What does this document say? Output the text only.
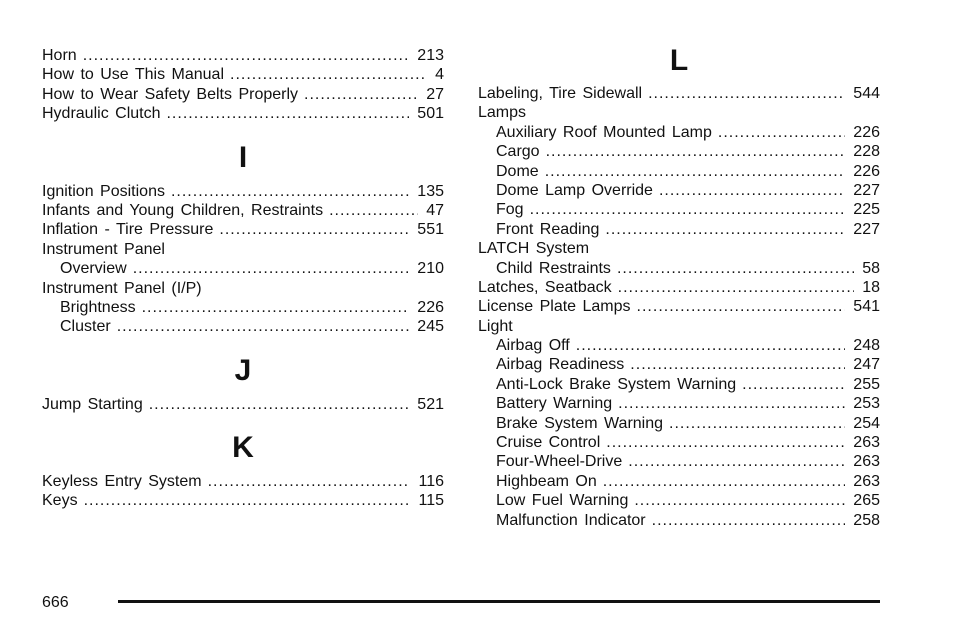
Horn .....	213
How to Use This Manual .....	4
How to Wear Safety Belts Properly .....	27
Hydraulic Clutch .....	501
I
Ignition Positions .....	135
Infants and Young Children, Restraints .....	47
Inflation - Tire Pressure .....	551
Instrument Panel
Overview .....	210
Instrument Panel (I/P)
Brightness .....	226
Cluster .....	245
J
Jump Starting .....	521
K
Keyless Entry System .....	116
Keys .....	115
L
Labeling, Tire Sidewall .....	544
Lamps
Auxiliary Roof Mounted Lamp .....	226
Cargo .....	228
Dome .....	226
Dome Lamp Override .....	227
Fog .....	225
Front Reading .....	227
LATCH System
Child Restraints .....	58
Latches, Seatback .....	18
License Plate Lamps .....	541
Light
Airbag Off .....	248
Airbag Readiness .....	247
Anti-Lock Brake System Warning .....	255
Battery Warning .....	253
Brake System Warning .....	254
Cruise Control .....	263
Four-Wheel-Drive .....	263
Highbeam On .....	263
Low Fuel Warning .....	265
Malfunction Indicator .....	258
666
